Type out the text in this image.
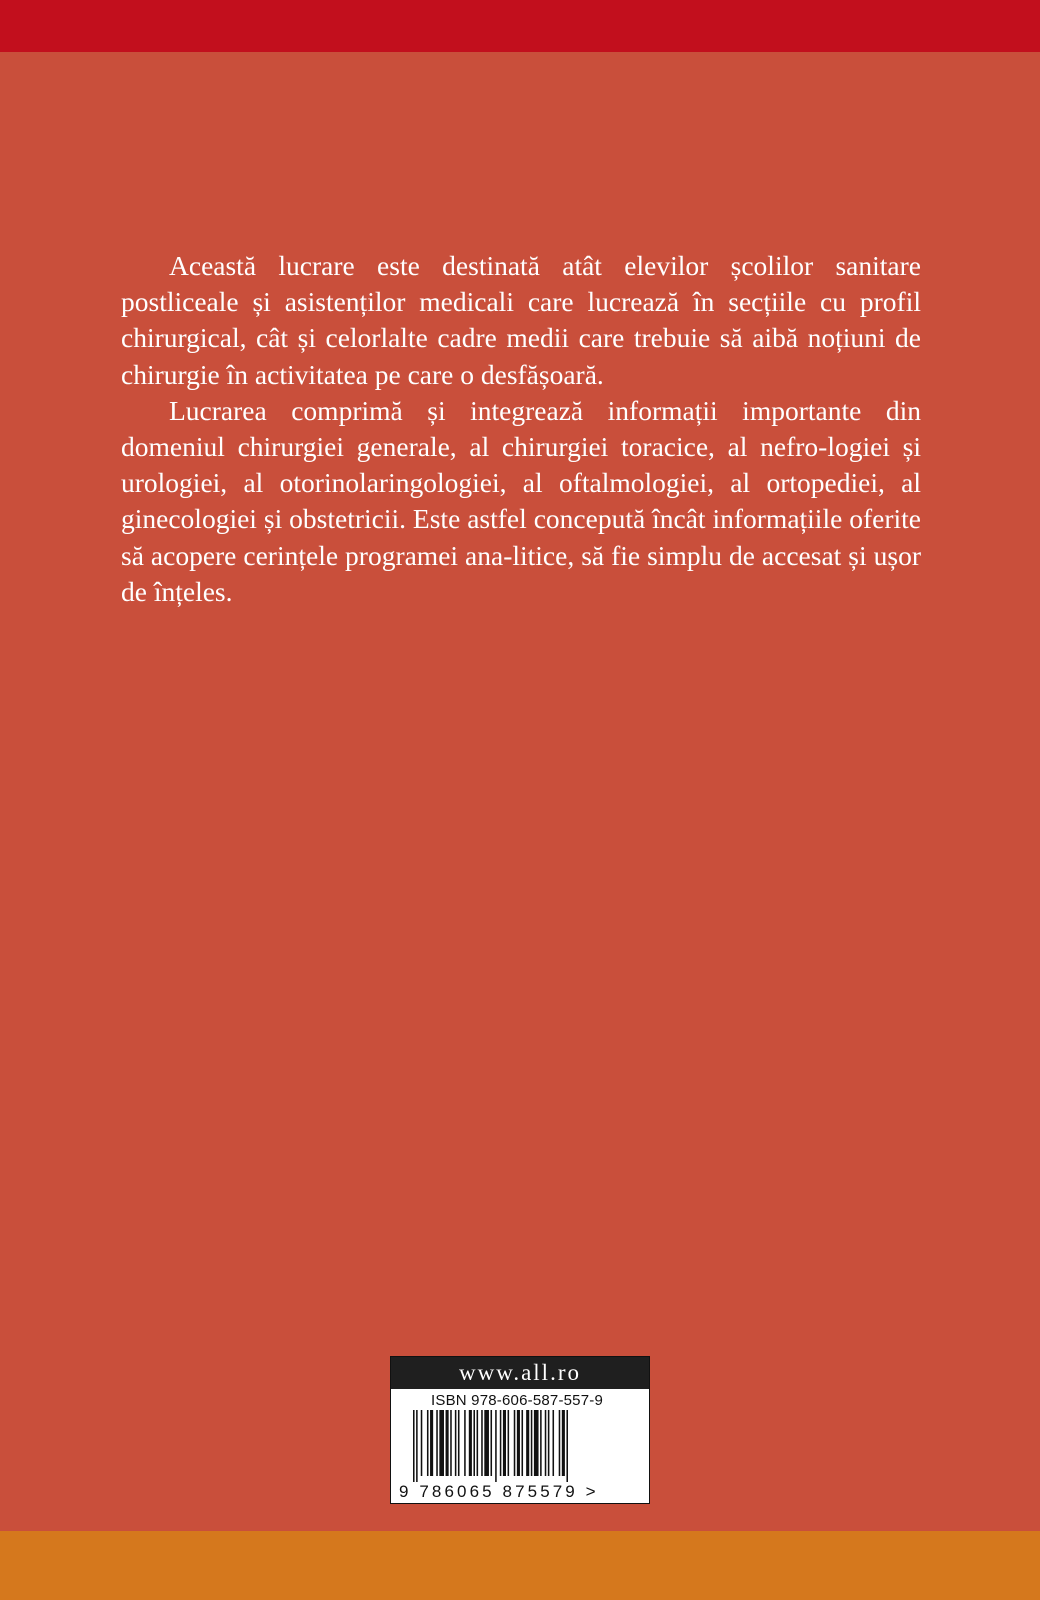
Această lucrare este destinată atât elevilor școlilor sanitare postliceale și asistenților medicali care lucrează în secțiile cu profil chirurgical, cât și celorlalte cadre medii care trebuie să aibă noțiuni de chirurgie în activitatea pe care o desfășoară.

Lucrarea comprimă și integrează informații importante din domeniul chirurgiei generale, al chirurgiei toracice, al nefro-logiei și urologiei, al otorinolaringologiei, al oftalmologiei, al ortopediei, al ginecologiei și obstetricii. Este astfel concepută încât informațiile oferite să acopere cerințele programei ana-litice, să fie simplu de accesat și ușor de înțeles.

www.all.ro
ISBN 978-606-587-557-9
9 786065 875579 >
